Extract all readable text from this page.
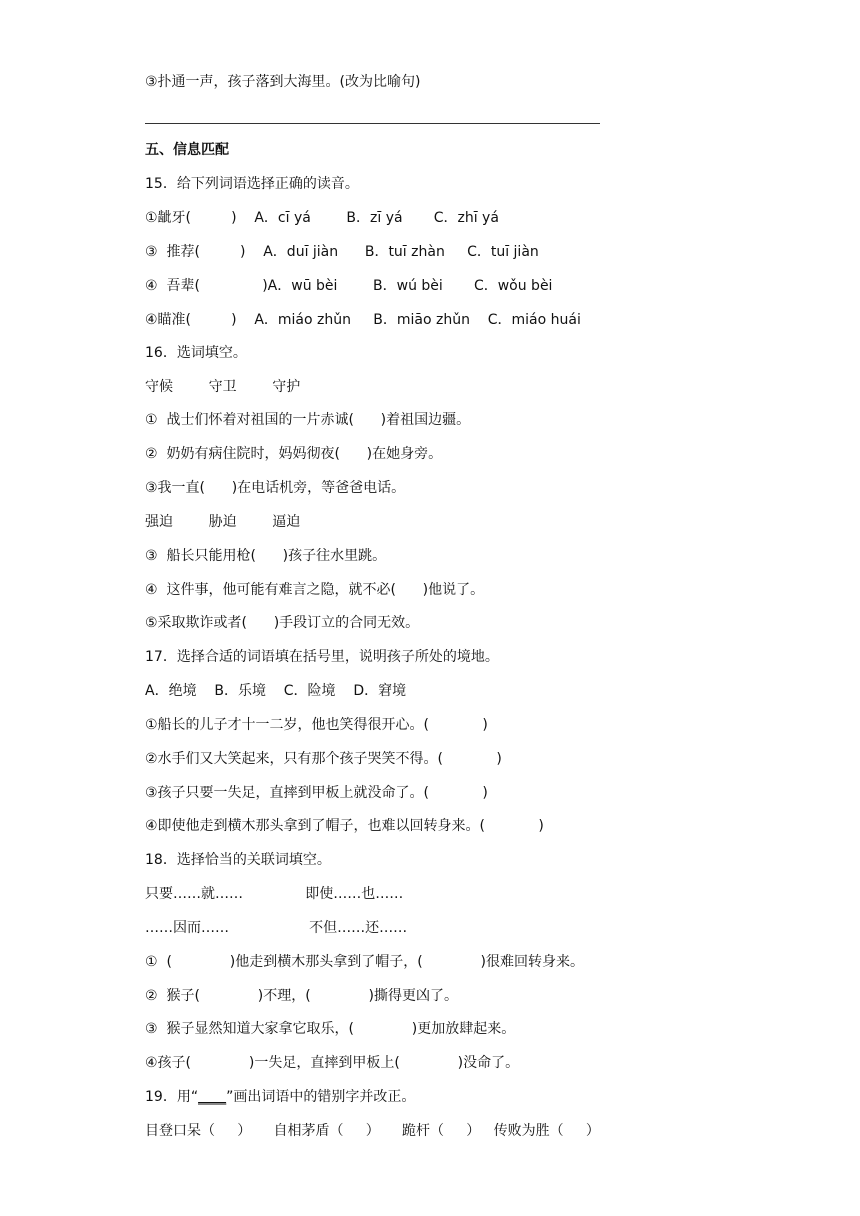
③扑通一声，孩子落到大海里。(改为比喻句)
五、信息匹配
15．给下列词语选择正确的读音。
①龇牙(         )    A．cī yá        B．zī yá       C．zhī yá
③  推荐(         )    A．duī jiàn      B．tuī zhàn     C．tuī jiàn
④  吾辈(              )A．wū bèi        B．wú bèi       C．wǒu bèi
④瞄准(         )    A．miáo zhǔn     B．miāo zhǔn    C．miáo huái
16．选词填空。
守候        守卫        守护
①  战士们怀着对祖国的一片赤诚(      )着祖国边疆。
②  奶奶有病住院时，妈妈彻夜(      )在她身旁。
③我一直(      )在电话机旁，等爸爸电话。
强迫        胁迫        逼迫
③  船长只能用枪(      )孩子往水里跳。
④  这件事，他可能有难言之隐，就不必(      )他说了。
⑤采取欺诈或者(      )手段订立的合同无效。
17．选择合适的词语填在括号里，说明孩子所处的境地。
A．绝境    B．乐境    C．险境    D．窘境
①船长的儿子才十一二岁，他也笑得很开心。(            )
②水手们又大笑起来，只有那个孩子哭笑不得。(            )
③孩子只要一失足，直摔到甲板上就没命了。(            )
④即使他走到横木那头拿到了帽子，也难以回转身来。(            )
18．选择恰当的关联词填空。
只要……就……              即使……也……
……因而……                  不但……还……
①  (             )他走到横木那头拿到了帽子，(             )很难回转身来。
②  猴子(             )不理，(             )撕得更凶了。
③  猴子显然知道大家拿它取乐，(             )更加放肆起来。
④孩子(             )一失足，直摔到甲板上(             )没命了。
19．用“____”画出词语中的错别字并改正。
目登口呆（     ）     自相茅盾（     ）     跪杆（     ）   传败为胜（     ）
